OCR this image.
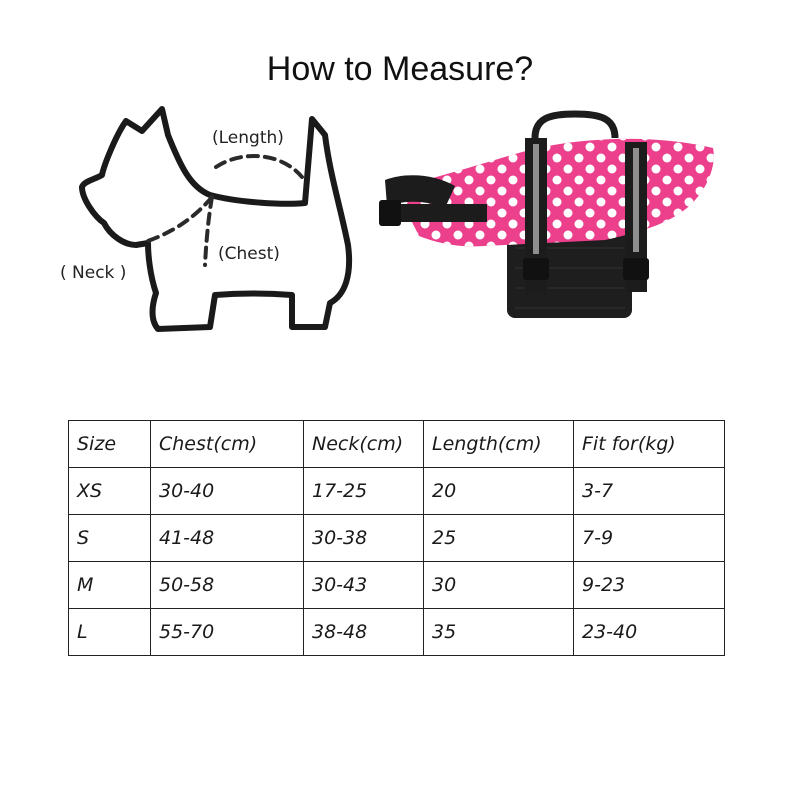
How to Measure?
(Length)
(Chest)
( Neck )
Size	Chest(cm)	Neck(cm)	Length(cm)	Fit for(kg)
XS	30-40	17-25	20	3-7
S	41-48	30-38	25	7-9
M	50-58	30-43	30	9-23
L	55-70	38-48	35	23-40
